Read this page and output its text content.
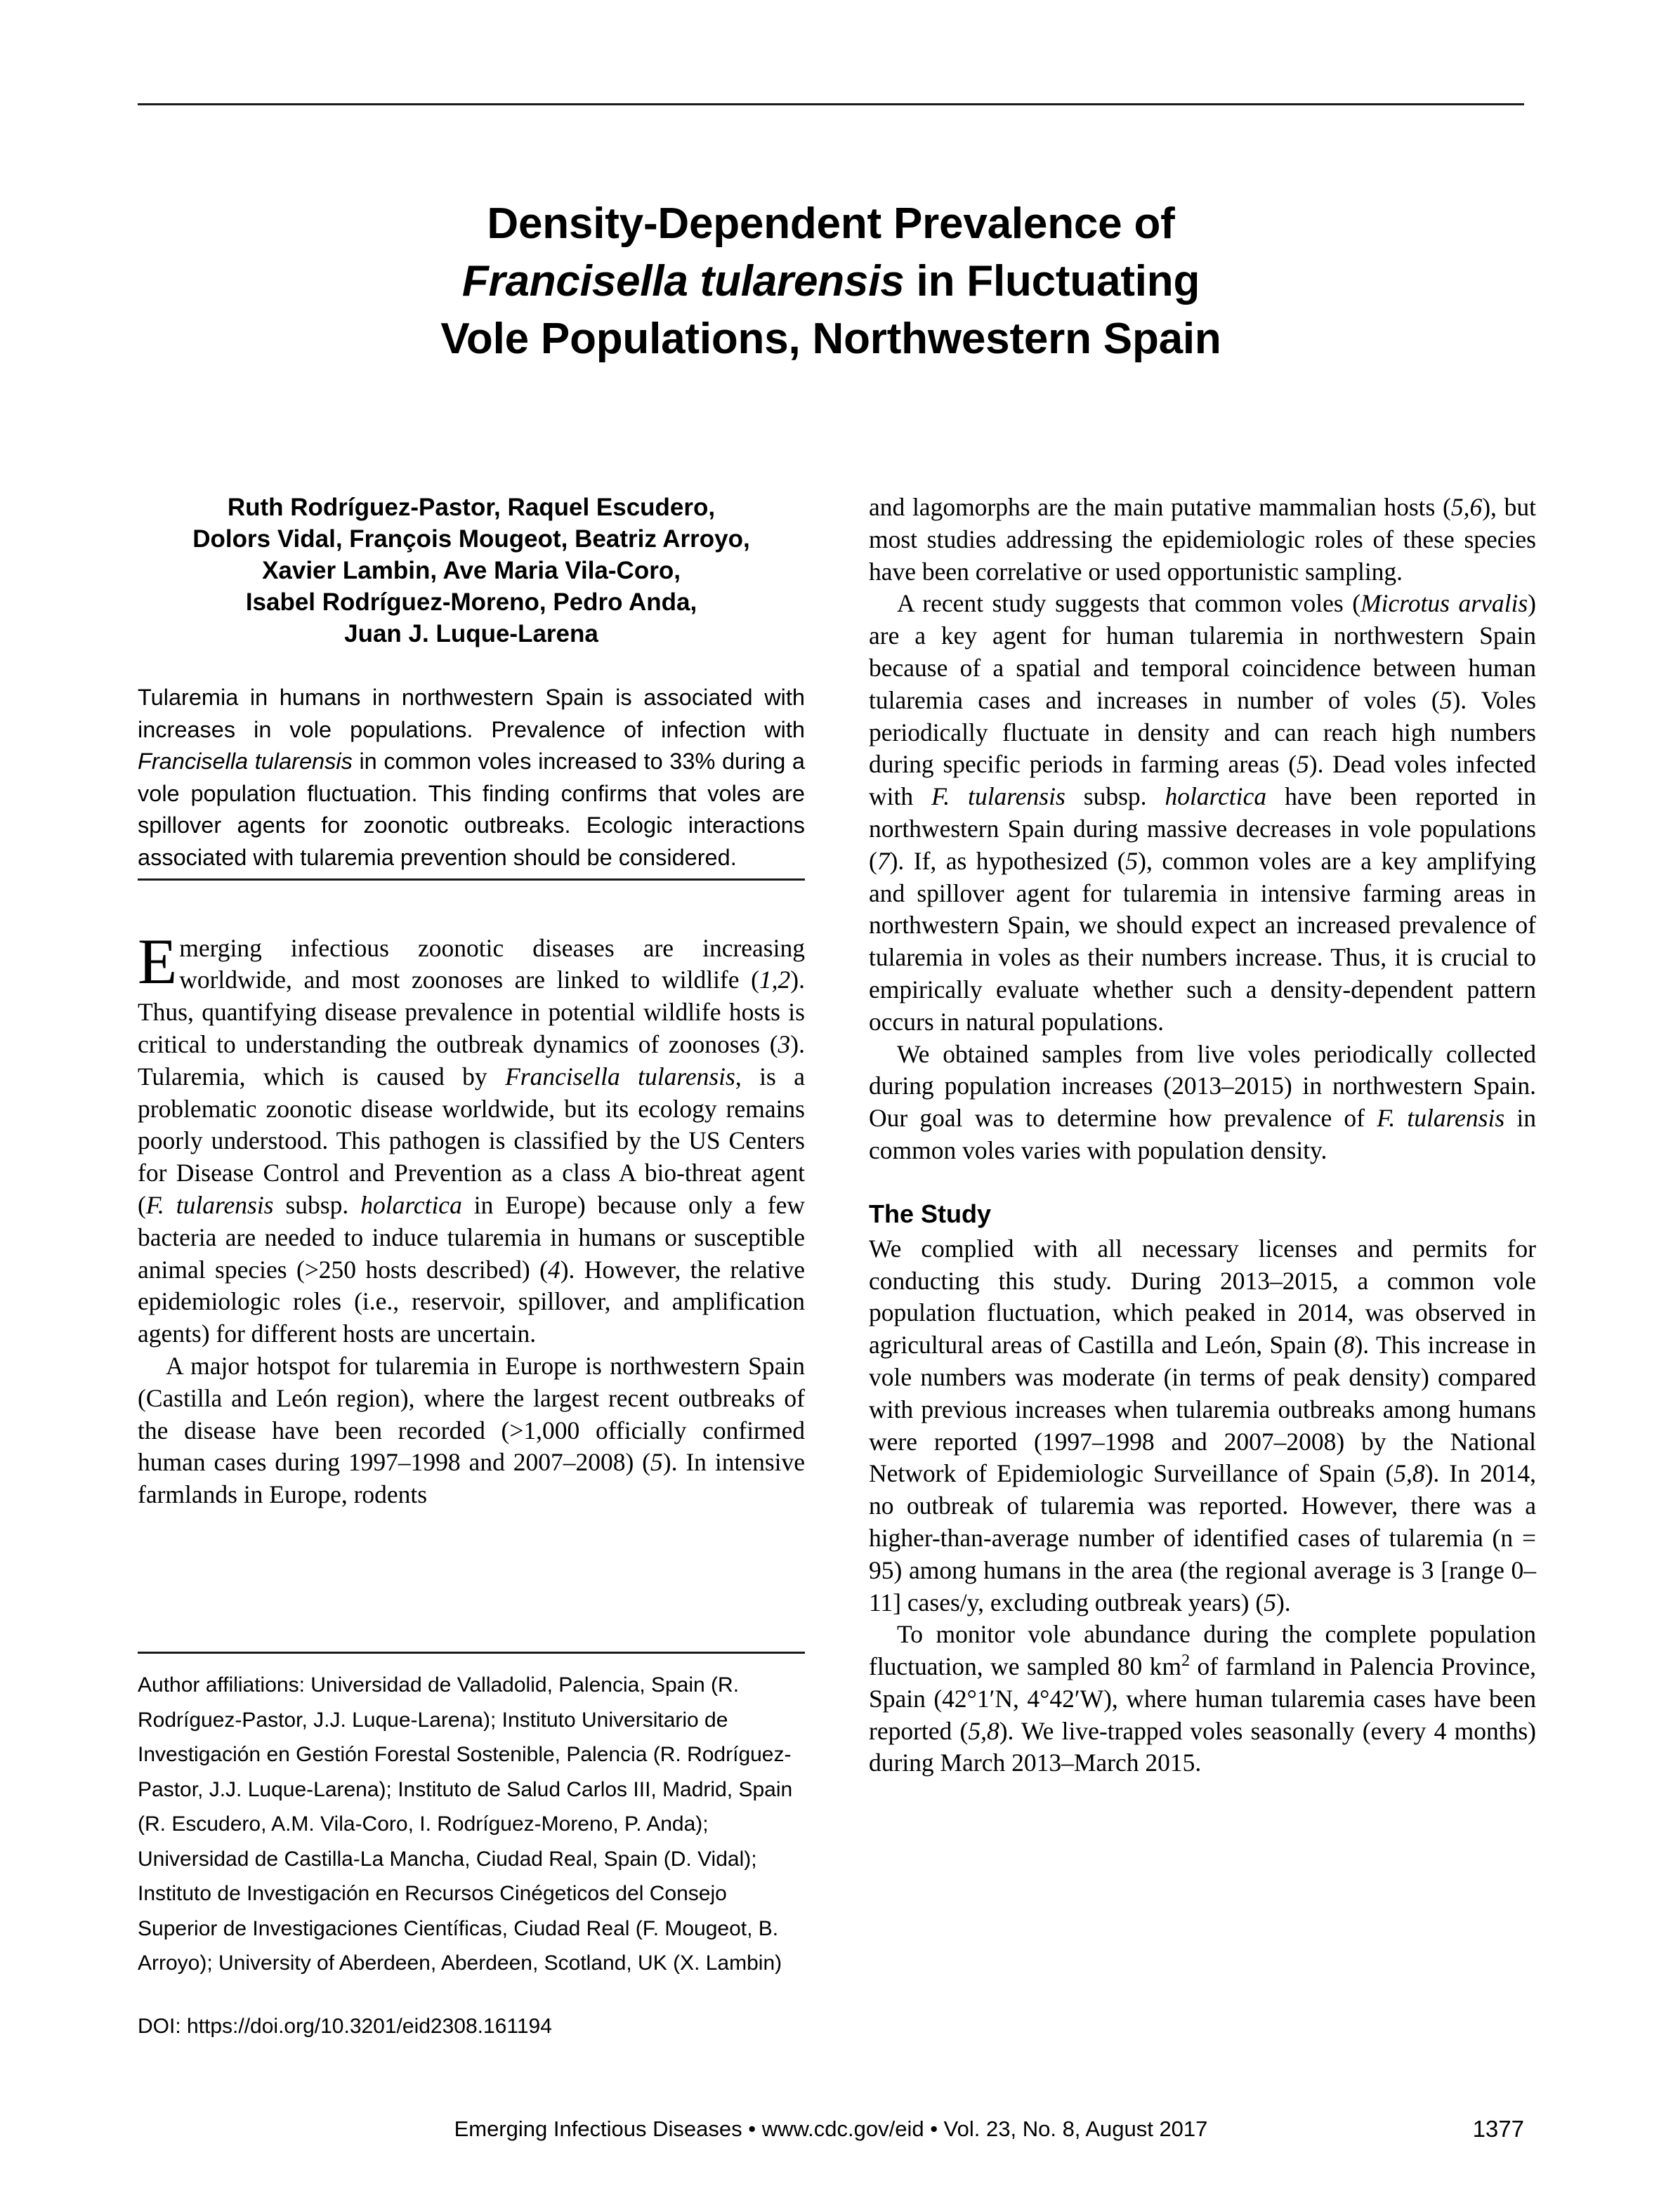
Density-Dependent Prevalence of
Francisella tularensis in Fluctuating
Vole Populations, Northwestern Spain
Ruth Rodríguez-Pastor, Raquel Escudero,
Dolors Vidal, François Mougeot, Beatriz Arroyo,
Xavier Lambin, Ave Maria Vila-Coro,
Isabel Rodríguez-Moreno, Pedro Anda,
Juan J. Luque-Larena
Tularemia in humans in northwestern Spain is associated with increases in vole populations. Prevalence of infection with Francisella tularensis in common voles increased to 33% during a vole population fluctuation. This finding confirms that voles are spillover agents for zoonotic outbreaks. Ecologic interactions associated with tularemia prevention should be considered.

Emerging infectious zoonotic diseases are increasing worldwide, and most zoonoses are linked to wildlife (1,2). Thus, quantifying disease prevalence in potential wildlife hosts is critical to understanding the outbreak dynamics of zoonoses (3). Tularemia, which is caused by Francisella tularensis, is a problematic zoonotic disease worldwide, but its ecology remains poorly understood. This pathogen is classified by the US Centers for Disease Control and Prevention as a class A bio-threat agent (F. tularensis subsp. holarctica in Europe) because only a few bacteria are needed to induce tularemia in humans or susceptible animal species (>250 hosts described) (4). However, the relative epidemiologic roles (i.e., reservoir, spillover, and amplification agents) for different hosts are uncertain.

A major hotspot for tularemia in Europe is northwestern Spain (Castilla and León region), where the largest recent outbreaks of the disease have been recorded (>1,000 officially confirmed human cases during 1997–1998 and 2007–2008) (5). In intensive farmlands in Europe, rodents

Author affiliations: Universidad de Valladolid, Palencia, Spain (R. Rodríguez-Pastor, J.J. Luque-Larena); Instituto Universitario de Investigación en Gestión Forestal Sostenible, Palencia (R. Rodríguez-Pastor, J.J. Luque-Larena); Instituto de Salud Carlos III, Madrid, Spain (R. Escudero, A.M. Vila-Coro, I. Rodríguez-Moreno, P. Anda); Universidad de Castilla-La Mancha, Ciudad Real, Spain (D. Vidal); Instituto de Investigación en Recursos Cinégeticos del Consejo Superior de Investigaciones Científicas, Ciudad Real (F. Mougeot, B. Arroyo); University of Aberdeen, Aberdeen, Scotland, UK (X. Lambin)

DOI: https://doi.org/10.3201/eid2308.161194

and lagomorphs are the main putative mammalian hosts (5,6), but most studies addressing the epidemiologic roles of these species have been correlative or used opportunistic sampling.

A recent study suggests that common voles (Microtus arvalis) are a key agent for human tularemia in northwestern Spain because of a spatial and temporal coincidence between human tularemia cases and increases in number of voles (5). Voles periodically fluctuate in density and can reach high numbers during specific periods in farming areas (5). Dead voles infected with F. tularensis subsp. holarctica have been reported in northwestern Spain during massive decreases in vole populations (7). If, as hypothesized (5), common voles are a key amplifying and spillover agent for tularemia in intensive farming areas in northwestern Spain, we should expect an increased prevalence of tularemia in voles as their numbers increase. Thus, it is crucial to empirically evaluate whether such a density-dependent pattern occurs in natural populations.

We obtained samples from live voles periodically collected during population increases (2013–2015) in northwestern Spain. Our goal was to determine how prevalence of F. tularensis in common voles varies with population density.

The Study

We complied with all necessary licenses and permits for conducting this study. During 2013–2015, a common vole population fluctuation, which peaked in 2014, was observed in agricultural areas of Castilla and León, Spain (8). This increase in vole numbers was moderate (in terms of peak density) compared with previous increases when tularemia outbreaks among humans were reported (1997–1998 and 2007–2008) by the National Network of Epidemiologic Surveillance of Spain (5,8). In 2014, no outbreak of tularemia was reported. However, there was a higher-than-average number of identified cases of tularemia (n = 95) among humans in the area (the regional average is 3 [range 0–11] cases/y, excluding outbreak years) (5).

To monitor vole abundance during the complete population fluctuation, we sampled 80 $km^2$ of farmland in Palencia Province, Spain (42°1′N, 4°42′W), where human tularemia cases have been reported (5,8). We live-trapped voles seasonally (every 4 months) during March 2013–March 2015.

Emerging Infectious Diseases • www.cdc.gov/eid • Vol. 23, No. 8, August 2017	1377
